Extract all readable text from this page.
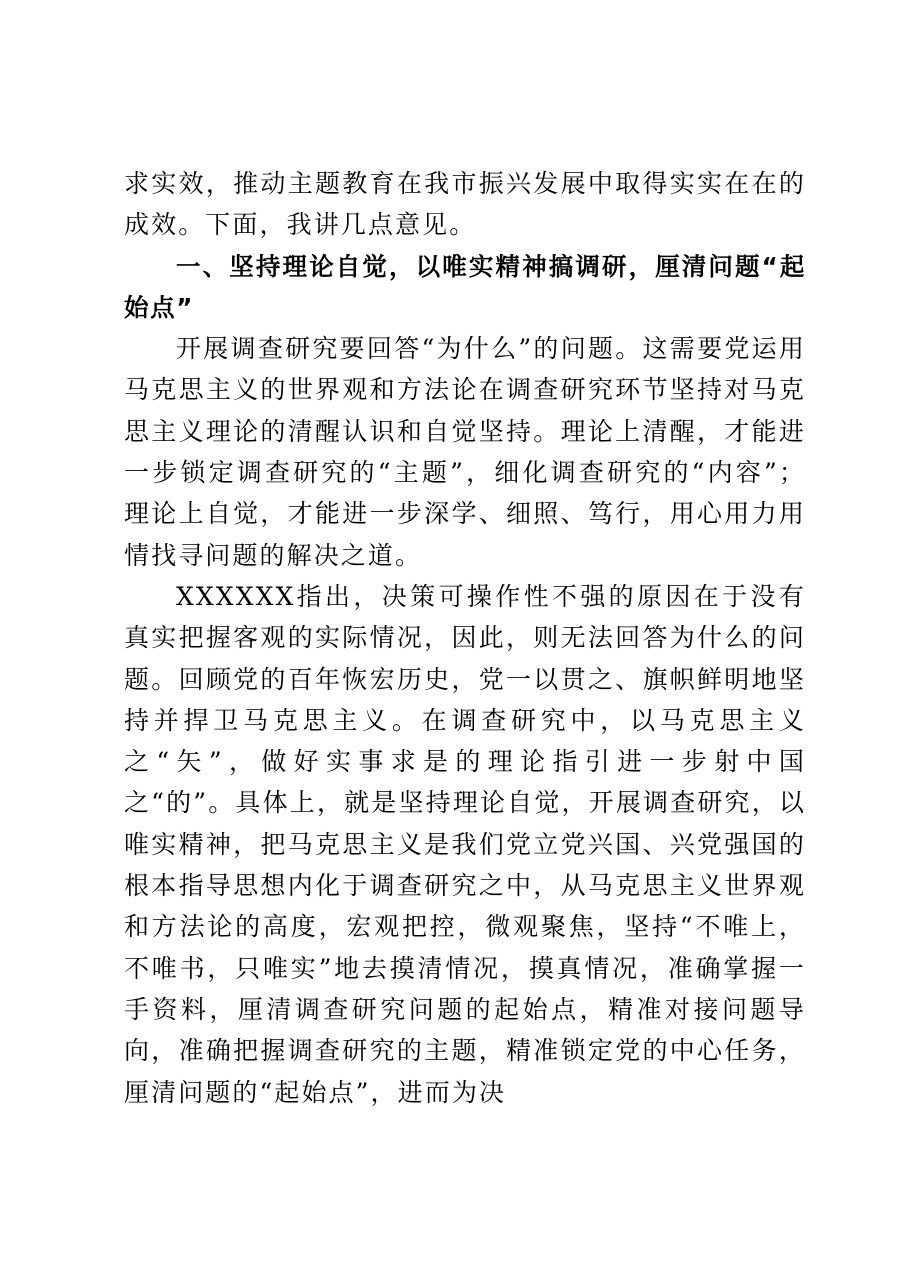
求实效，推动主题教育在我市振兴发展中取得实实在在的成效。下面，我讲几点意见。

一、坚持理论自觉，以唯实精神搞调研，厘清问题“起始点”

开展调查研究要回答“为什么”的问题。这需要党运用马克思主义的世界观和方法论在调查研究环节坚持对马克思主义理论的清醒认识和自觉坚持。理论上清醒，才能进一步锁定调查研究的“主题”，细化调查研究的“内容”；理论上自觉，才能进一步深学、细照、笃行，用心用力用情找寻问题的解决之道。

XXXXXX指出，决策可操作性不强的原因在于没有真实把握客观的实际情况，因此，则无法回答为什么的问题。回顾党的百年恢宏历史，党一以贯之、旗帜鲜明地坚持并捍卫马克思主义。在调查研究中，以马克思主义之“矢”，做好实事求是的理论指引进一步射中国之“的”。具体上，就是坚持理论自觉，开展调查研究，以唯实精神，把马克思主义是我们党立党兴国、兴党强国的根本指导思想内化于调查研究之中，从马克思主义世界观和方法论的高度，宏观把控，微观聚焦，坚持“不唯上，不唯书，只唯实”地去摸清情况，摸真情况，准确掌握一手资料，厘清调查研究问题的起始点，精准对接问题导向，准确把握调查研究的主题，精准锁定党的中心任务，厘清问题的“起始点”，进而为决
